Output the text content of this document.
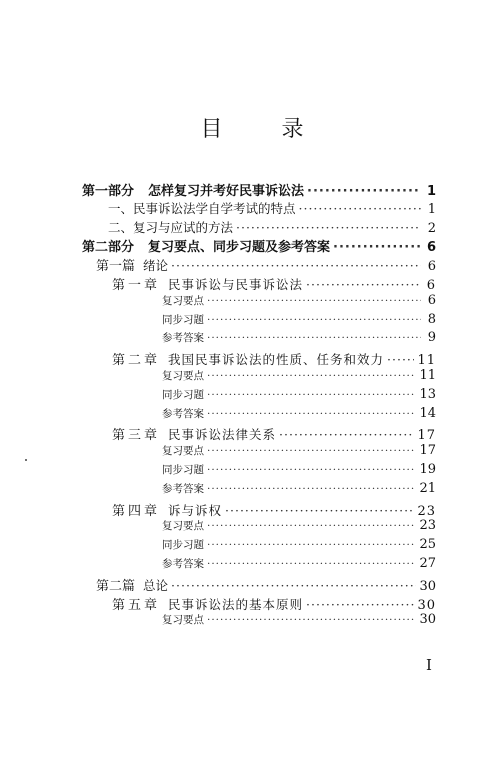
目 录
第一部分 怎样复习并考好民事诉讼法 ·····	1
一、民事诉讼法学自学考试的特点 ·····	1
二、复习与应试的方法 ·····	2
第二部分 复习要点、同步习题及参考答案 ·····	6
第一篇 绪论 ·····	6
第一章 民事诉讼与民事诉讼法 ·····	6
复习要点 ·····	6
同步习题 ·····	8
参考答案 ·····	9
第二章 我国民事诉讼法的性质、任务和效力 ·····	11
复习要点 ·····	11
同步习题 ·····	13
参考答案 ·····	14
第三章 民事诉讼法律关系 ·····	17
复习要点 ·····	17
同步习题 ·····	19
参考答案 ·····	21
第四章 诉与诉权 ·····	23
复习要点 ·····	23
同步习题 ·····	25
参考答案 ·····	27
第二篇 总论 ·····	30
第五章 民事诉讼法的基本原则 ·····	30
复习要点 ·····	30
I
